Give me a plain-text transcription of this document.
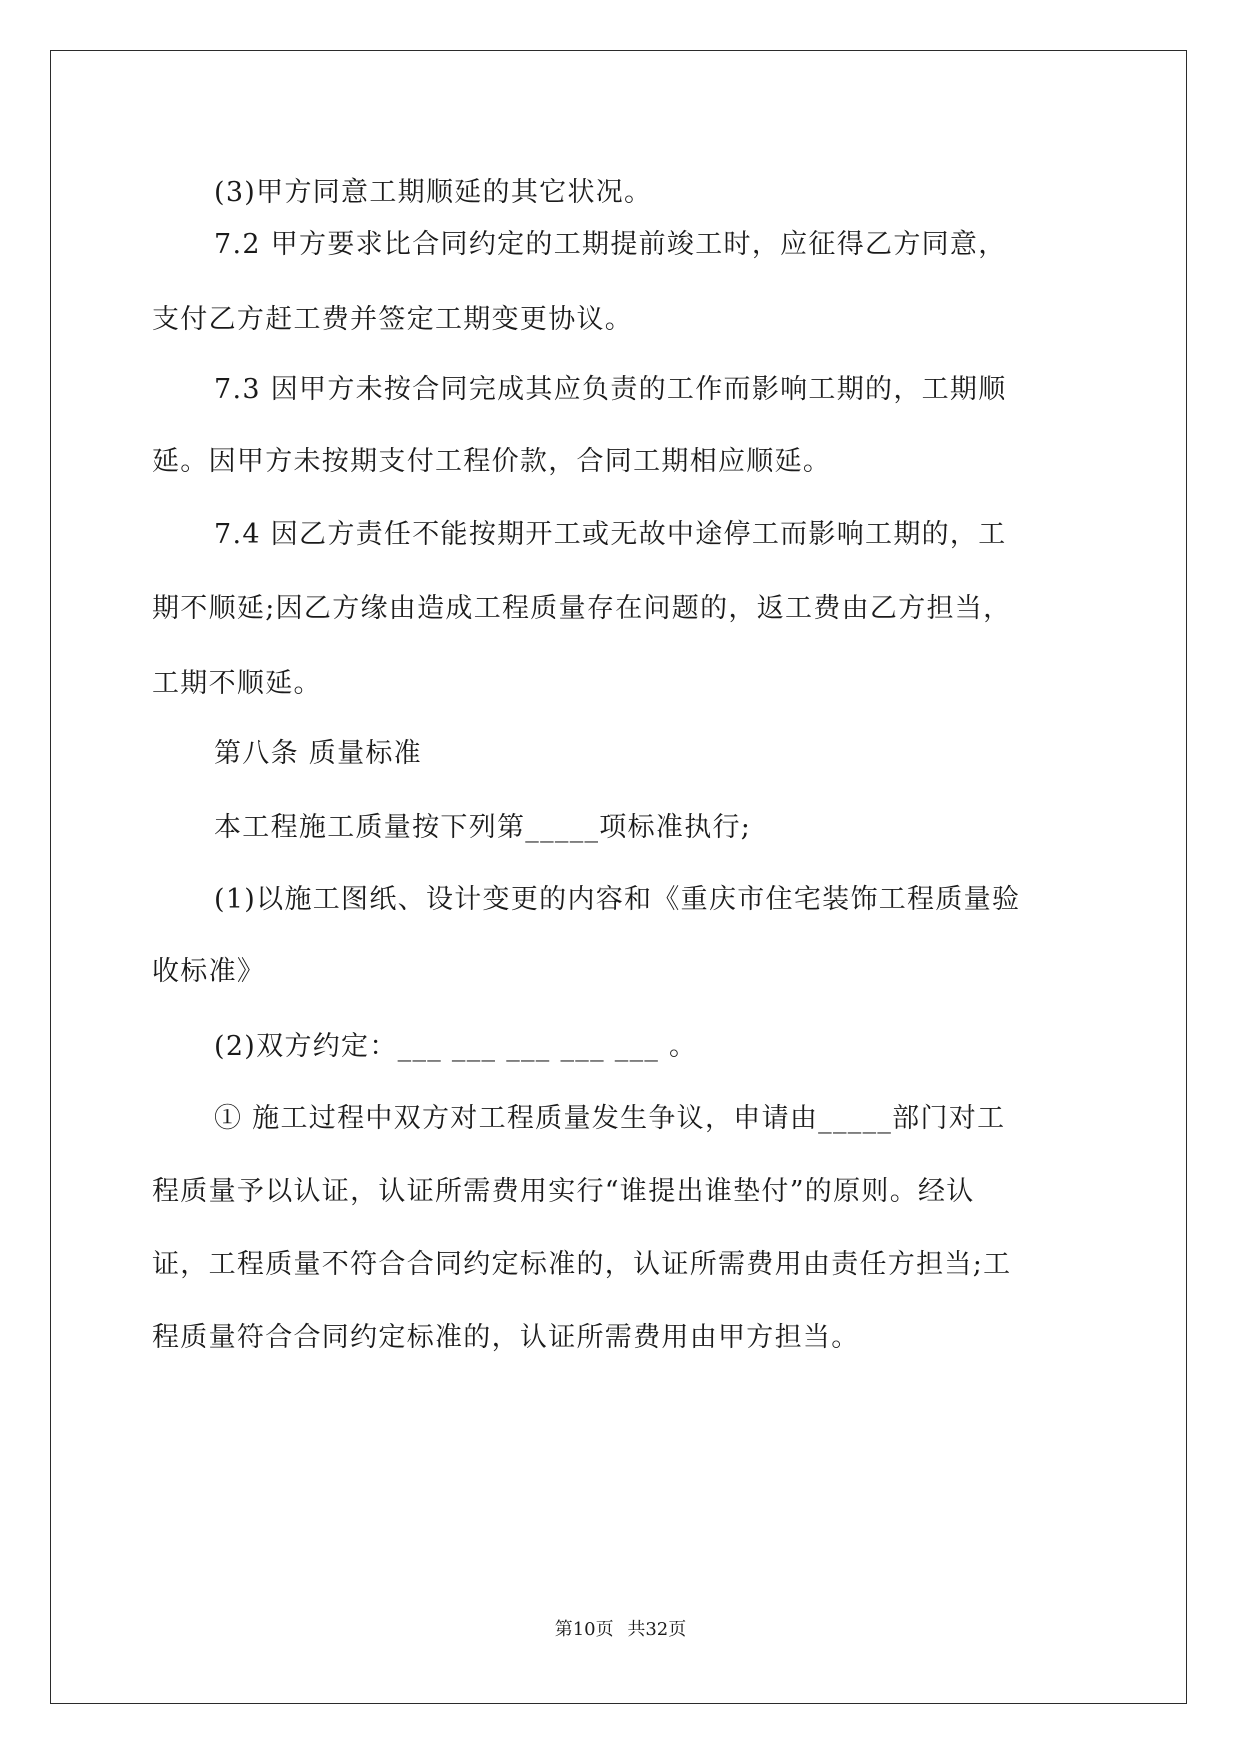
(3)甲方同意工期顺延的其它状况。
7.2 甲方要求比合同约定的工期提前竣工时，应征得乙方同意，
支付乙方赶工费并签定工期变更协议。
7.3 因甲方未按合同完成其应负责的工作而影响工期的，工期顺
延。因甲方未按期支付工程价款，合同工期相应顺延。
7.4 因乙方责任不能按期开工或无故中途停工而影响工期的，工
期不顺延;因乙方缘由造成工程质量存在问题的，返工费由乙方担当，
工期不顺延。
第八条 质量标准
本工程施工质量按下列第_____项标准执行;
(1)以施工图纸、设计变更的内容和《重庆市住宅装饰工程质量验
收标准》
(2)双方约定：___ ___ ___ ___ ___ 。
① 施工过程中双方对工程质量发生争议，申请由_____部门对工
程质量予以认证，认证所需费用实行“谁提出谁垫付”的原则。经认
证，工程质量不符合合同约定标准的，认证所需费用由责任方担当;工
程质量符合合同约定标准的，认证所需费用由甲方担当。
第10页 共32页
